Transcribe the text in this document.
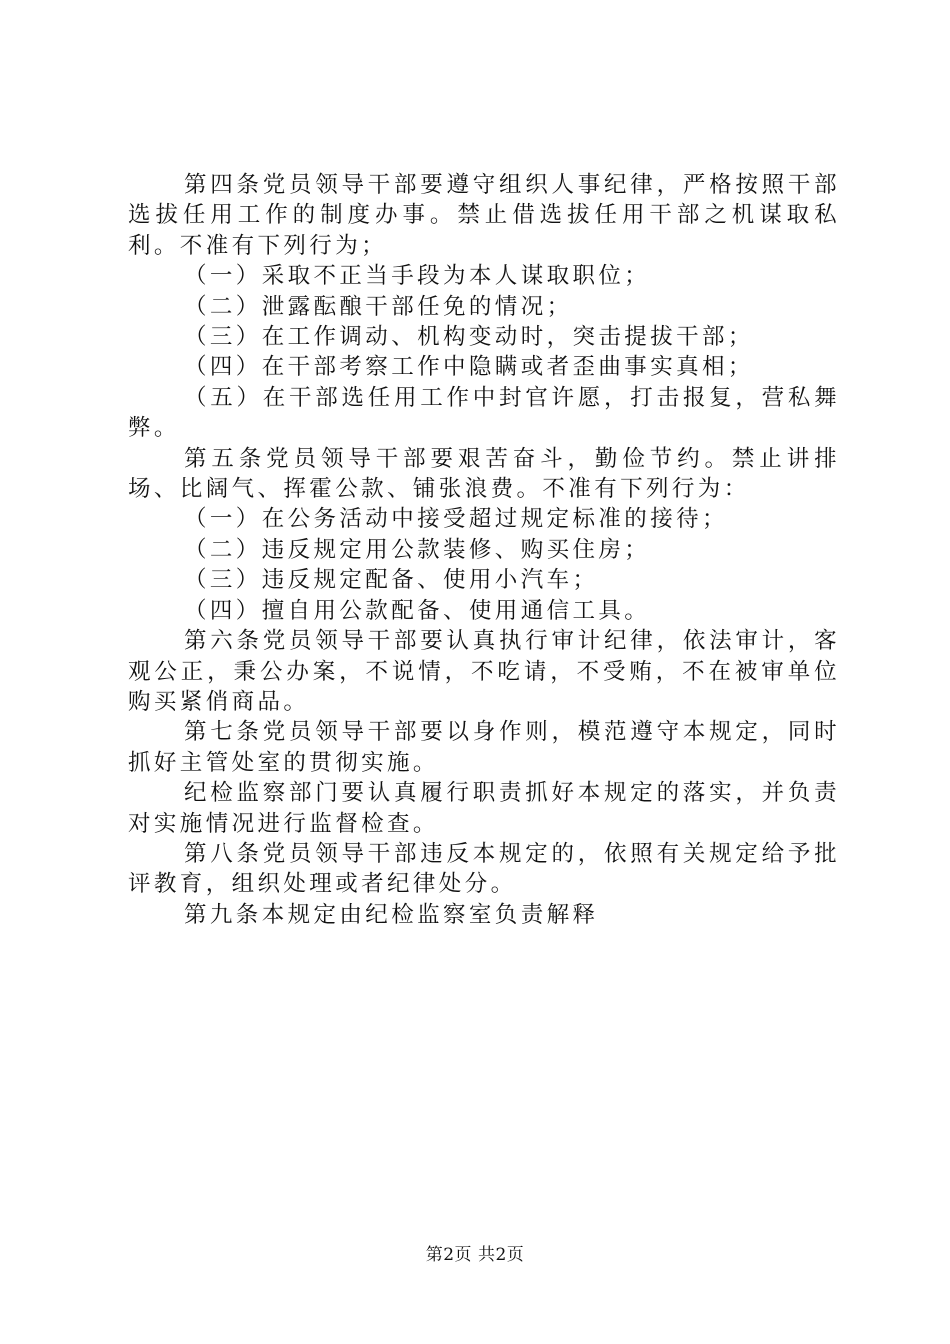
第四条党员领导干部要遵守组织人事纪律，严格按照干部选拔任用工作的制度办事。禁止借选拔任用干部之机谋取私利。不准有下列行为；

（一）采取不正当手段为本人谋取职位；

（二）泄露酝酿干部任免的情况；

（三）在工作调动、机构变动时，突击提拔干部；

（四）在干部考察工作中隐瞒或者歪曲事实真相；

（五）在干部选任用工作中封官许愿，打击报复，营私舞弊。

第五条党员领导干部要艰苦奋斗，勤俭节约。禁止讲排场、比阔气、挥霍公款、铺张浪费。不准有下列行为：

（一）在公务活动中接受超过规定标准的接待；

（二）违反规定用公款装修、购买住房；

（三）违反规定配备、使用小汽车；

（四）擅自用公款配备、使用通信工具。

第六条党员领导干部要认真执行审计纪律，依法审计，客观公正，秉公办案，不说情，不吃请，不受贿，不在被审单位购买紧俏商品。

第七条党员领导干部要以身作则，模范遵守本规定，同时抓好主管处室的贯彻实施。

纪检监察部门要认真履行职责抓好本规定的落实，并负责对实施情况进行监督检查。

第八条党员领导干部违反本规定的，依照有关规定给予批评教育，组织处理或者纪律处分。

第九条本规定由纪检监察室负责解释

第2页 共2页
